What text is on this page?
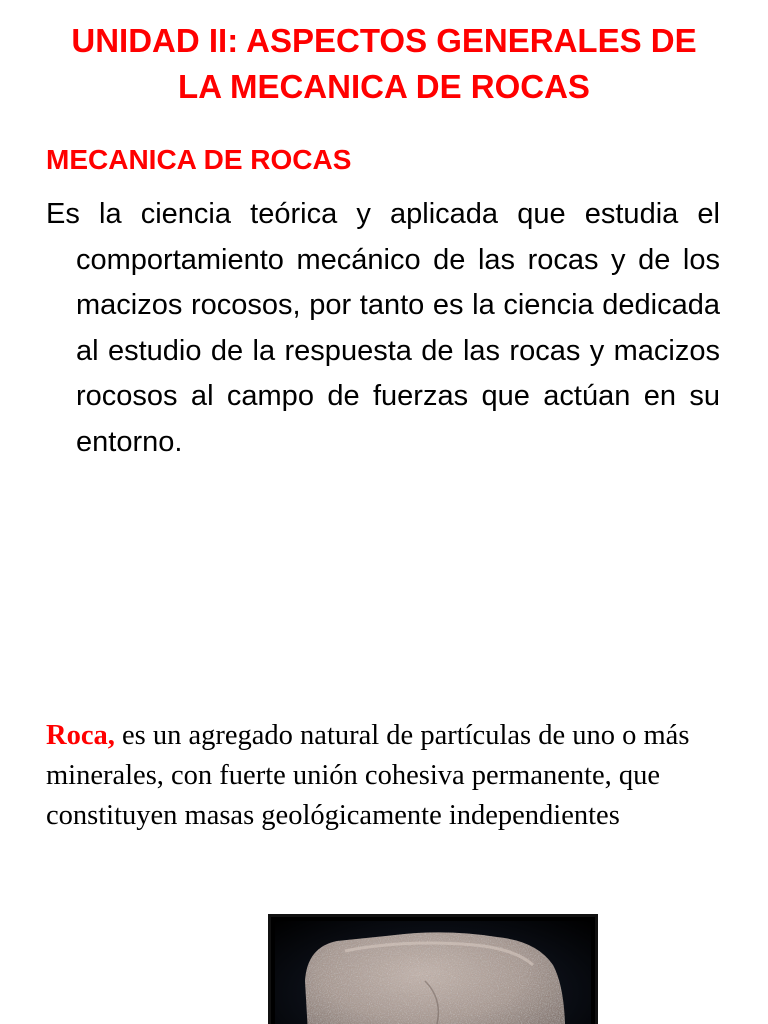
UNIDAD II: ASPECTOS GENERALES DE
LA MECANICA DE ROCAS
MECANICA DE ROCAS

Es la ciencia teórica y aplicada que estudia el comportamiento mecánico de las rocas y de los macizos rocosos, por tanto es la ciencia dedicada al estudio de la respuesta de las rocas y macizos rocosos al campo de fuerzas que actúan en su entorno.

Roca, es un agregado natural de partículas de uno o más minerales, con fuerte unión cohesiva permanente, que constituyen masas geológicamente independientes
